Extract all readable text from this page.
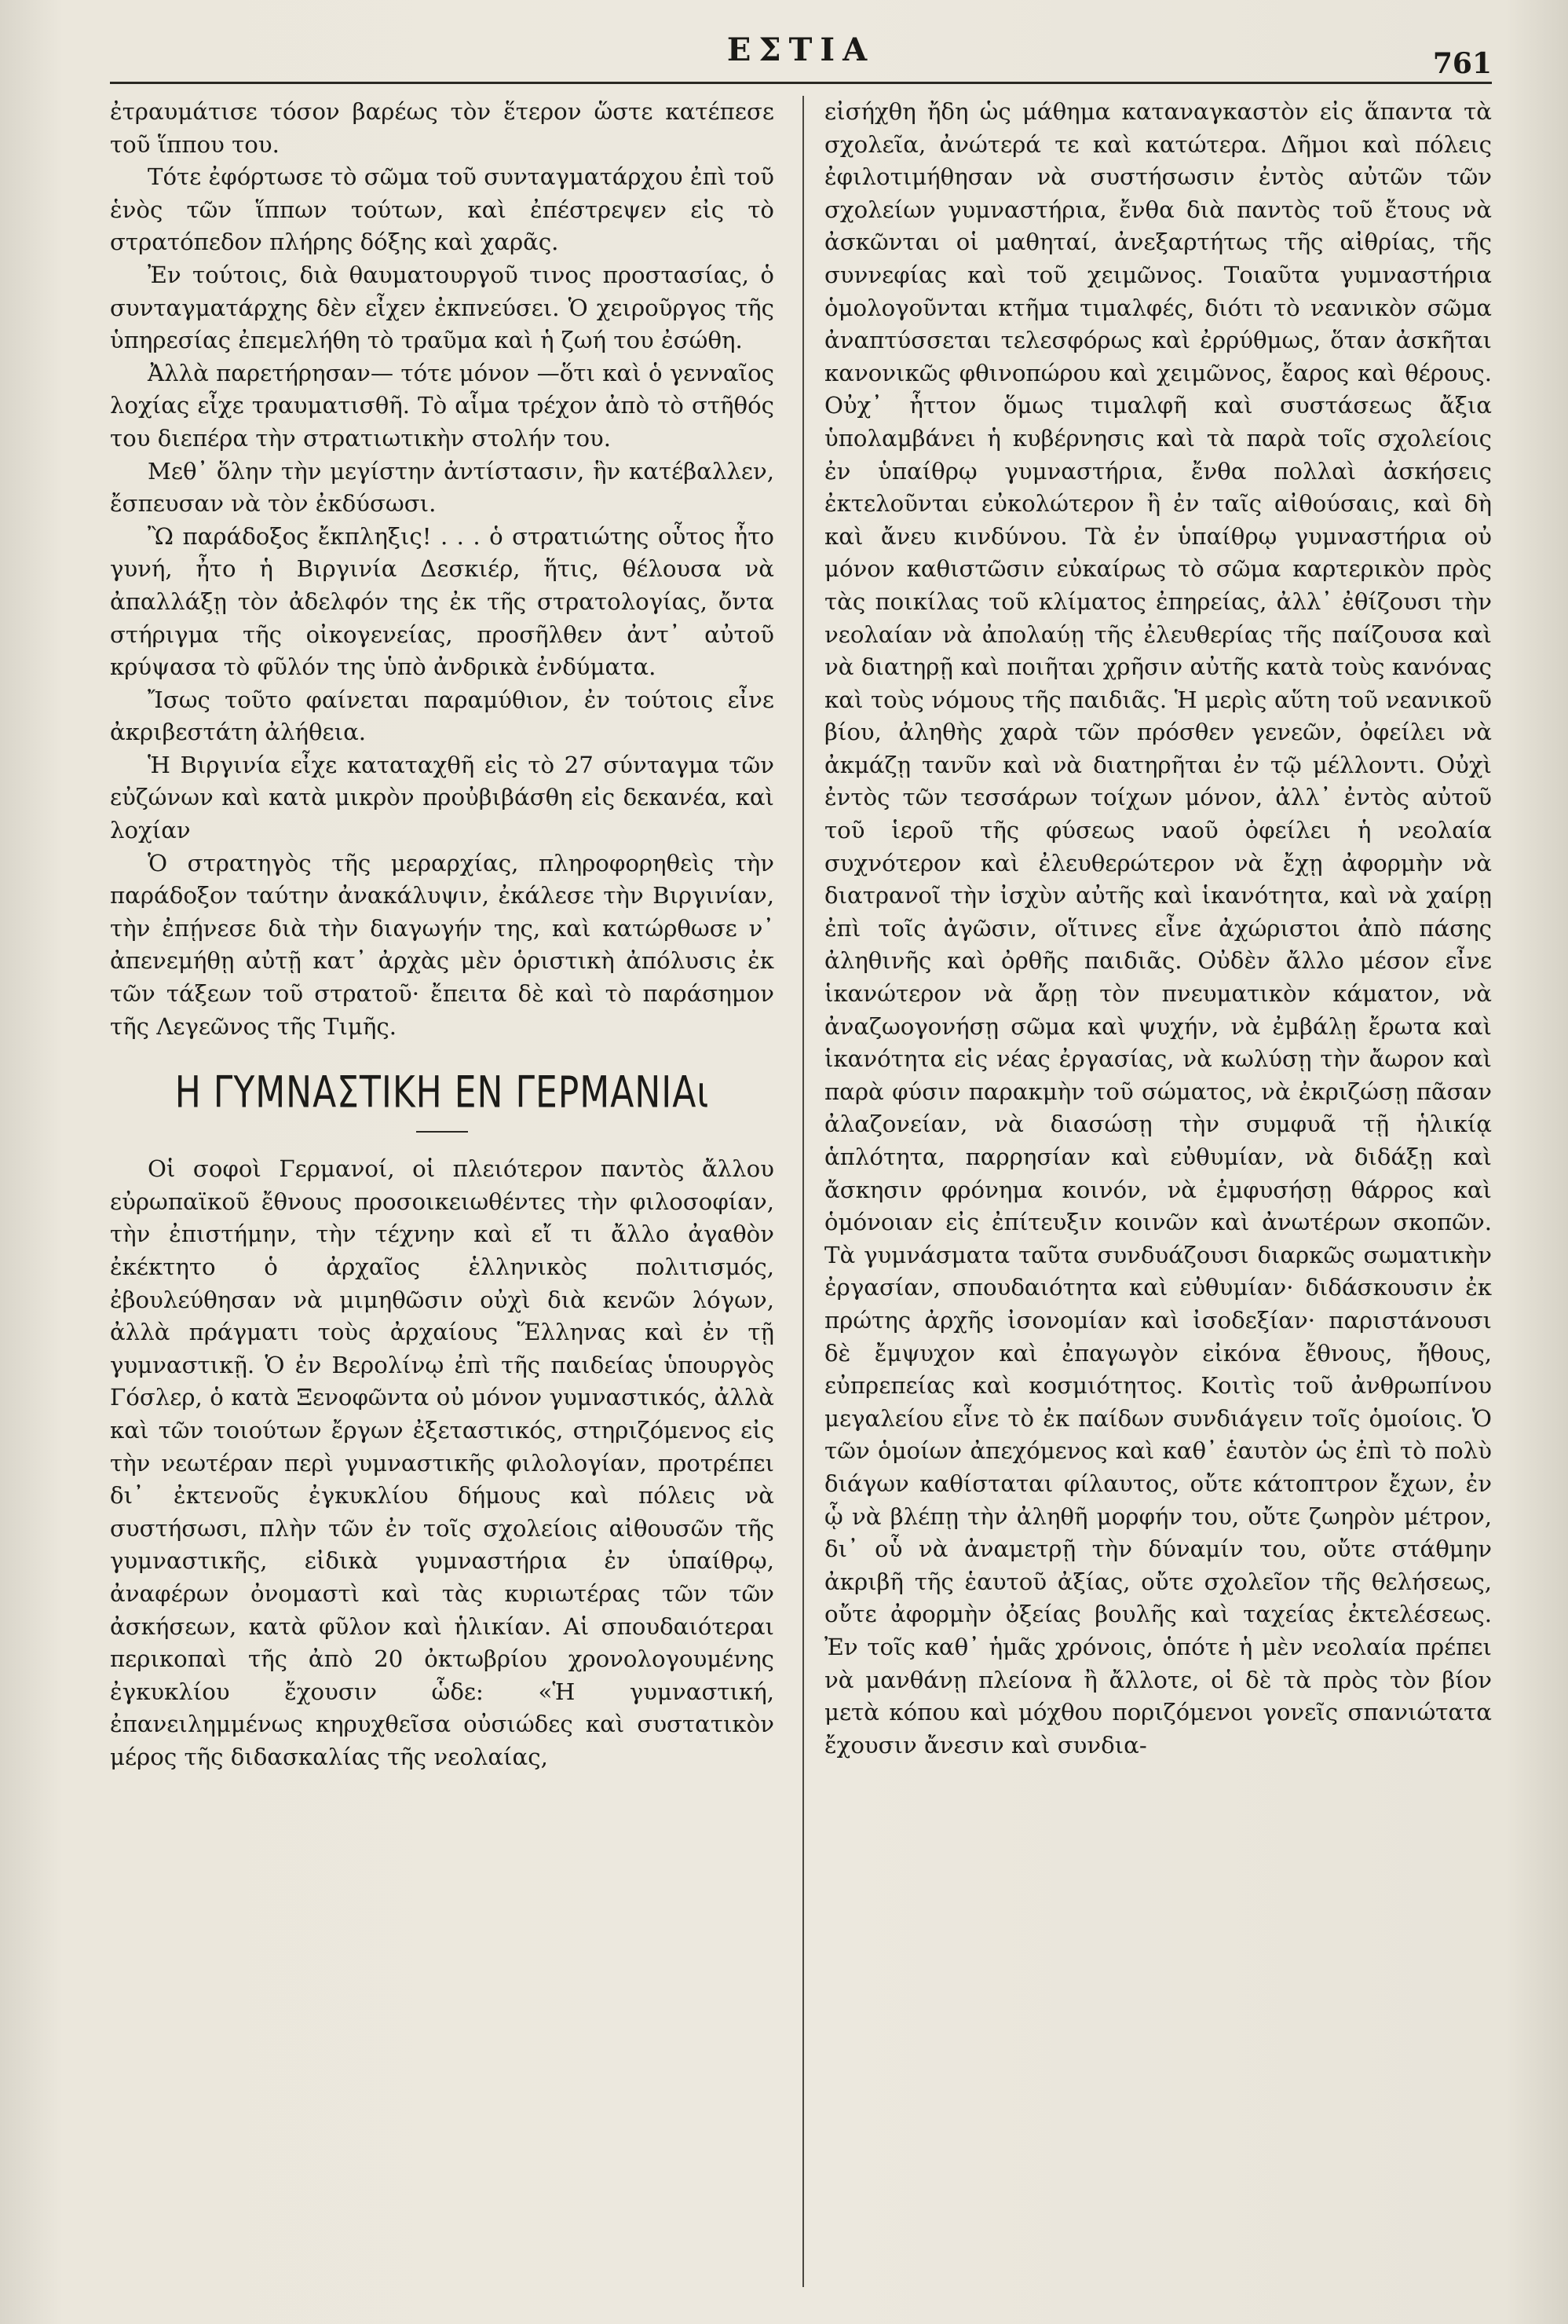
ΕΣΤΙΑ	761

ἐτραυμάτισε τόσον βαρέως τὸν ἕτερον ὥστε κατέπεσε τοῦ ἵππου του.

Τότε ἐφόρτωσε τὸ σῶμα τοῦ συνταγματάρχου ἐπὶ τοῦ ἑνὸς τῶν ἵππων τούτων, καὶ ἐπέστρεψεν εἰς τὸ στρατόπεδον πλήρης δόξης καὶ χαρᾶς.

Ἐν τούτοις, διὰ θαυματουργοῦ τινος προστασίας, ὁ συνταγματάρχης δὲν εἶχεν ἐκπνεύσει. Ὁ χειροῦργος τῆς ὑπηρεσίας ἐπεμελήθη τὸ τραῦμα καὶ ἡ ζωή του ἐσώθη.

Ἀλλὰ παρετήρησαν— τότε μόνον —ὅτι καὶ ὁ γενναῖος λοχίας εἶχε τραυματισθῆ. Τὸ αἷμα τρέχον ἀπὸ τὸ στῆθός του διεπέρα τὴν στρατιωτικὴν στολήν του.

Μεθ᾿ ὅλην τὴν μεγίστην ἀντίστασιν, ἣν κατέβαλλεν, ἔσπευσαν νὰ τὸν ἐκδύσωσι.

Ὢ παράδοξος ἔκπληξις! . . . ὁ στρατιώτης οὗτος ἦτο γυνή, ἦτο ἡ Βιργινία Δεσκιέρ, ἥτις, θέλουσα νὰ ἀπαλλάξῃ τὸν ἀδελφόν της ἐκ τῆς στρατολογίας, ὄντα στήριγμα τῆς οἰκογενείας, προσῆλθεν ἀντ᾿ αὐτοῦ κρύψασα τὸ φῦλόν της ὑπὸ ἀνδρικὰ ἐνδύματα.

Ἴσως τοῦτο φαίνεται παραμύθιον, ἐν τούτοις εἶνε ἀκριβεστάτη ἀλήθεια.

Ἡ Βιργινία εἶχε καταταχθῆ εἰς τὸ 27 σύνταγμα τῶν εὐζώνων καὶ κατὰ μικρὸν προὐβιβάσθη εἰς δεκανέα, καὶ λοχίαν

Ὁ στρατηγὸς τῆς μεραρχίας, πληροφορηθεὶς τὴν παράδοξον ταύτην ἀνακάλυψιν, ἐκάλεσε τὴν Βιργινίαν, τὴν ἐπῄνεσε διὰ τὴν διαγωγήν της, καὶ κατώρθωσε ν᾿ ἀπενεμήθῃ αὐτῇ κατ᾿ ἀρχὰς μὲν ὁριστικὴ ἀπόλυσις ἐκ τῶν τάξεων τοῦ στρατοῦ· ἔπειτα δὲ καὶ τὸ παράσημον τῆς Λεγεῶνος τῆς Τιμῆς.

Η ΓΥΜΝΑΣΤΙΚΗ ΕΝ ΓΕΡΜΑΝΙΑι

Οἱ σοφοὶ Γερμανοί, οἱ πλειότερον παντὸς ἄλλου εὐρωπαϊκοῦ ἔθνους προσοικειωθέντες τὴν φιλοσοφίαν, τὴν ἐπιστήμην, τὴν τέχνην καὶ εἴ τι ἄλλο ἀγαθὸν ἐκέκτητο ὁ ἀρχαῖος ἑλληνικὸς πολιτισμός, ἐβουλεύθησαν νὰ μιμηθῶσιν οὐχὶ διὰ κενῶν λόγων, ἀλλὰ πράγματι τοὺς ἀρχαίους Ἕλληνας καὶ ἐν τῇ γυμναστικῇ. Ὁ ἐν Βερολίνῳ ἐπὶ τῆς παιδείας ὑπουργὸς Γόσλερ, ὁ κατὰ Ξενοφῶντα οὐ μόνον γυμναστικός, ἀλλὰ καὶ τῶν τοιούτων ἔργων ἐξεταστικός, στηριζόμενος εἰς τὴν νεωτέραν περὶ γυμναστικῆς φιλολογίαν, προτρέπει δι᾿ ἐκτενοῦς ἐγκυκλίου δήμους καὶ πόλεις νὰ συστήσωσι, πλὴν τῶν ἐν τοῖς σχολείοις αἰθουσῶν τῆς γυμναστικῆς, εἰδικὰ γυμναστήρια ἐν ὑπαίθρῳ, ἀναφέρων ὀνομαστὶ καὶ τὰς κυριωτέρας τῶν τῶν ἀσκήσεων, κατὰ φῦλον καὶ ἡλικίαν. Αἱ σπουδαιότεραι περικοπαὶ τῆς ἀπὸ 20 ὀκτωβρίου χρονολογουμένης ἐγκυκλίου ἔχουσιν ὧδε: «Ἡ γυμναστική, ἐπανειλημμένως κηρυχθεῖσα οὐσιώδες καὶ συστατικὸν μέρος τῆς διδασκαλίας τῆς νεολαίας,

εἰσήχθη ἤδη ὡς μάθημα καταναγκαστὸν εἰς ἅπαντα τὰ σχολεῖα, ἀνώτερά τε καὶ κατώτερα. Δῆμοι καὶ πόλεις ἐφιλοτιμήθησαν νὰ συστήσωσιν ἐντὸς αὐτῶν τῶν σχολείων γυμναστήρια, ἔνθα διὰ παντὸς τοῦ ἔτους νὰ ἀσκῶνται οἱ μαθηταί, ἀνεξαρτήτως τῆς αἰθρίας, τῆς συννεφίας καὶ τοῦ χειμῶνος. Τοιαῦτα γυμναστήρια ὁμολογοῦνται κτῆμα τιμαλφές, διότι τὸ νεανικὸν σῶμα ἀναπτύσσεται τελεσφόρως καὶ ἐρρύθμως, ὅταν ἀσκῆται κανονικῶς φθινοπώρου καὶ χειμῶνος, ἔαρος καὶ θέρους. Οὐχ᾿ ἧττον ὅμως τιμαλφῆ καὶ συστάσεως ἄξια ὑπολαμβάνει ἡ κυβέρνησις καὶ τὰ παρὰ τοῖς σχολείοις ἐν ὑπαίθρῳ γυμναστήρια, ἔνθα πολλαὶ ἀσκήσεις ἐκτελοῦνται εὐκολώτερον ἢ ἐν ταῖς αἰθούσαις, καὶ δὴ καὶ ἄνευ κινδύνου. Τὰ ἐν ὑπαίθρῳ γυμναστήρια οὐ μόνον καθιστῶσιν εὐκαίρως τὸ σῶμα καρτερικὸν πρὸς τὰς ποικίλας τοῦ κλίματος ἐπηρείας, ἀλλ᾿ ἐθίζουσι τὴν νεολαίαν νὰ ἀπολαύῃ τῆς ἐλευθερίας τῆς παίζουσα καὶ νὰ διατηρῇ καὶ ποιῆται χρῆσιν αὐτῆς κατὰ τοὺς κανόνας καὶ τοὺς νόμους τῆς παιδιᾶς. Ἡ μερὶς αὕτη τοῦ νεανικοῦ βίου, ἀληθὴς χαρὰ τῶν πρόσθεν γενεῶν, ὀφείλει νὰ ἀκμάζῃ τανῦν καὶ νὰ διατηρῆται ἐν τῷ μέλλοντι. Οὐχὶ ἐντὸς τῶν τεσσάρων τοίχων μόνον, ἀλλ᾿ ἐντὸς αὐτοῦ τοῦ ἱεροῦ τῆς φύσεως ναοῦ ὀφείλει ἡ νεολαία συχνότερον καὶ ἐλευθερώτερον νὰ ἔχῃ ἀφορμὴν νὰ διατρανοῖ τὴν ἰσχὺν αὐτῆς καὶ ἱκανότητα, καὶ νὰ χαίρῃ ἐπὶ τοῖς ἀγῶσιν, οἵτινες εἶνε ἀχώριστοι ἀπὸ πάσης ἀληθινῆς καὶ ὀρθῆς παιδιᾶς. Οὐδὲν ἄλλο μέσον εἶνε ἱκανώτερον νὰ ἄρῃ τὸν πνευματικὸν κάματον, νὰ ἀναζωογονήσῃ σῶμα καὶ ψυχήν, νὰ ἐμβάλῃ ἔρωτα καὶ ἱκανότητα εἰς νέας ἐργασίας, νὰ κωλύσῃ τὴν ἄωρον καὶ παρὰ φύσιν παρακμὴν τοῦ σώματος, νὰ ἐκριζώσῃ πᾶσαν ἀλαζονείαν, νὰ διασώσῃ τὴν συμφυᾶ τῇ ἡλικίᾳ ἁπλότητα, παρρησίαν καὶ εὐθυμίαν, νὰ διδάξῃ καὶ ἄσκησιν φρόνημα κοινόν, νὰ ἐμφυσήσῃ θάρρος καὶ ὁμόνοιαν εἰς ἐπίτευξιν κοινῶν καὶ ἀνωτέρων σκοπῶν. Τὰ γυμνάσματα ταῦτα συνδυάζουσι διαρκῶς σωματικὴν ἐργασίαν, σπουδαιότητα καὶ εὐθυμίαν· διδάσκουσιν ἐκ πρώτης ἀρχῆς ἰσονομίαν καὶ ἰσοδεξίαν· παριστάνουσι δὲ ἔμψυχον καὶ ἐπαγωγὸν εἰκόνα ἔθνους, ἤθους, εὐπρεπείας καὶ κοσμιότητος. Κοιτὶς τοῦ ἀνθρωπίνου μεγαλείου εἶνε τὸ ἐκ παίδων συνδιάγειν τοῖς ὁμοίοις. Ὁ τῶν ὁμοίων ἀπεχόμενος καὶ καθ᾿ ἑαυτὸν ὡς ἐπὶ τὸ πολὺ διάγων καθίσταται φίλαυτος, οὔτε κάτοπτρον ἔχων, ἐν ᾧ νὰ βλέπῃ τὴν ἀληθῆ μορφήν του, οὔτε ζωηρὸν μέτρον, δι᾿ οὗ νὰ ἀναμετρῇ τὴν δύναμίν του, οὔτε στάθμην ἀκριβῆ τῆς ἑαυτοῦ ἀξίας, οὔτε σχολεῖον τῆς θελήσεως, οὔτε ἀφορμὴν ὀξείας βουλῆς καὶ ταχείας ἐκτελέσεως. Ἐν τοῖς καθ᾿ ἡμᾶς χρόνοις, ὁπότε ἡ μὲν νεολαία πρέπει νὰ μανθάνῃ πλείονα ἢ ἄλλοτε, οἱ δὲ τὰ πρὸς τὸν βίον μετὰ κόπου καὶ μόχθου ποριζόμενοι γονεῖς σπανιώτατα ἔχουσιν ἄνεσιν καὶ συνδια-
